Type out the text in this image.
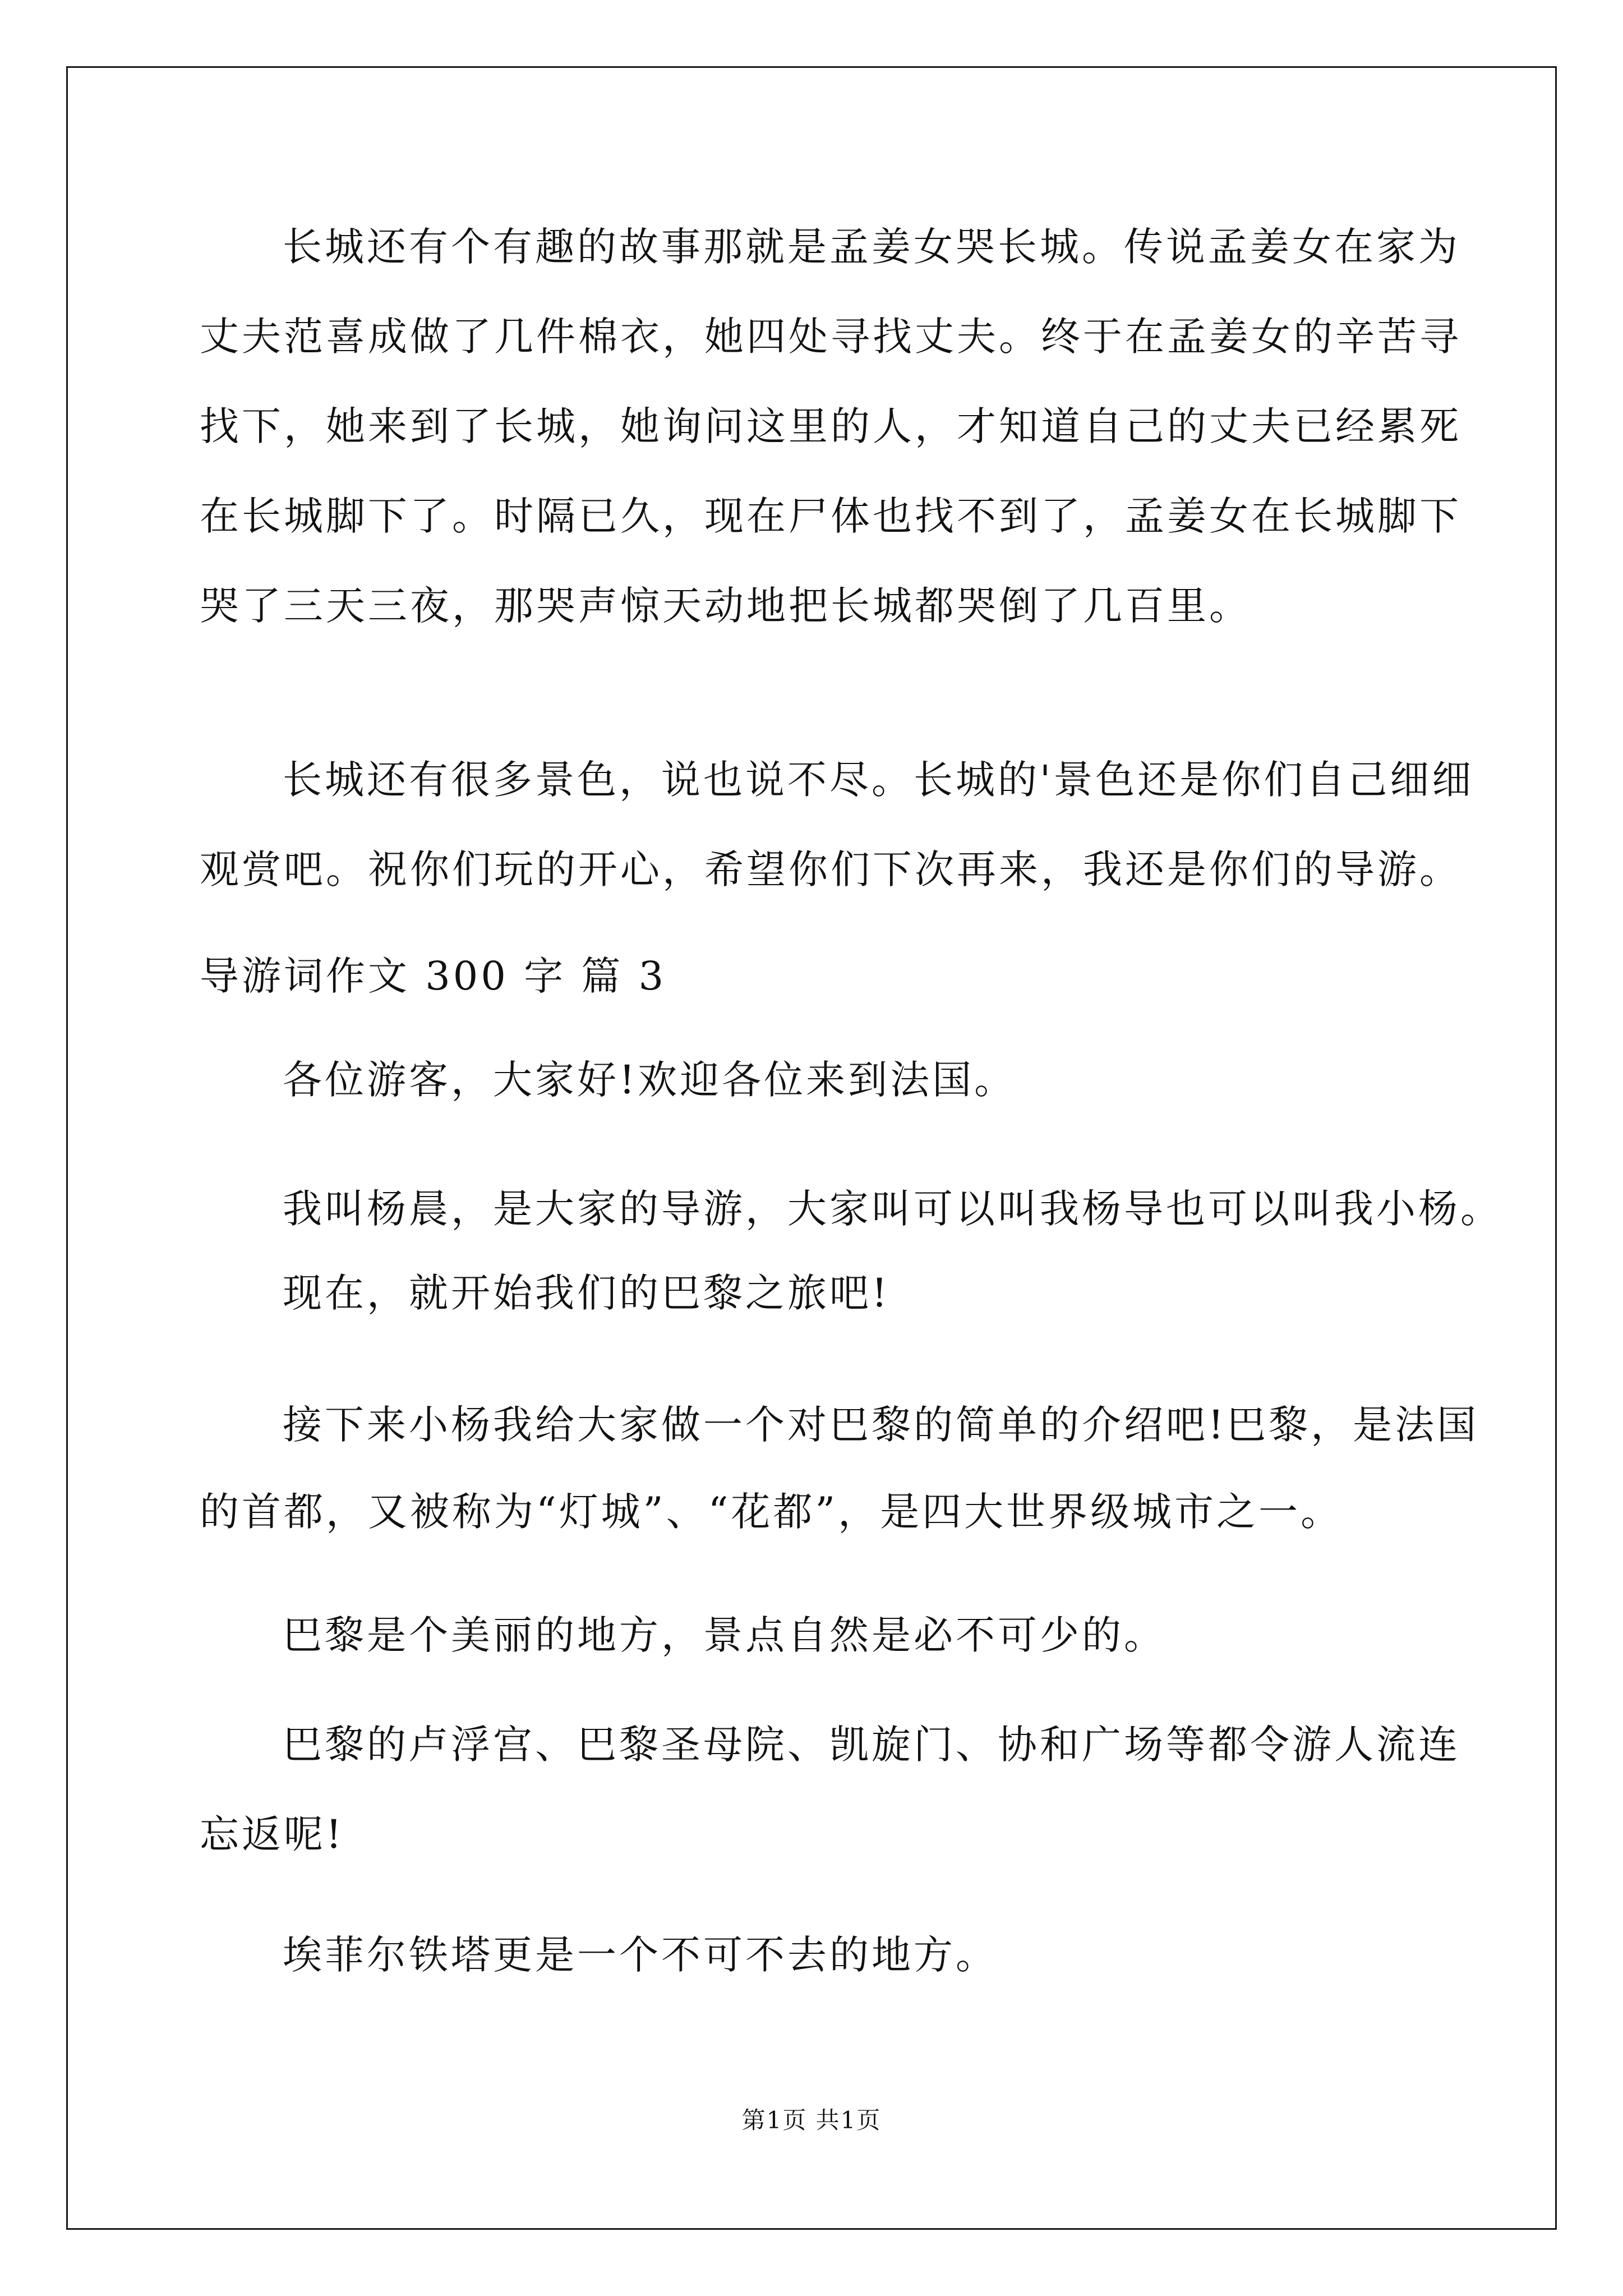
长城还有个有趣的故事那就是孟姜女哭长城。传说孟姜女在家为
丈夫范喜成做了几件棉衣，她四处寻找丈夫。终于在孟姜女的辛苦寻
找下，她来到了长城，她询问这里的人，才知道自己的丈夫已经累死
在长城脚下了。时隔已久，现在尸体也找不到了，孟姜女在长城脚下
哭了三天三夜，那哭声惊天动地把长城都哭倒了几百里。
长城还有很多景色，说也说不尽。长城的'景色还是你们自己细细
观赏吧。祝你们玩的开心，希望你们下次再来，我还是你们的导游。
导游词作文 300 字 篇 3
各位游客，大家好!欢迎各位来到法国。
我叫杨晨，是大家的导游，大家叫可以叫我杨导也可以叫我小杨。
现在，就开始我们的巴黎之旅吧!
接下来小杨我给大家做一个对巴黎的简单的介绍吧!巴黎，是法国
的首都，又被称为“灯城”、“花都”，是四大世界级城市之一。
巴黎是个美丽的地方，景点自然是必不可少的。
巴黎的卢浮宫、巴黎圣母院、凯旋门、协和广场等都令游人流连
忘返呢!
埃菲尔铁塔更是一个不可不去的地方。
第1页 共1页
